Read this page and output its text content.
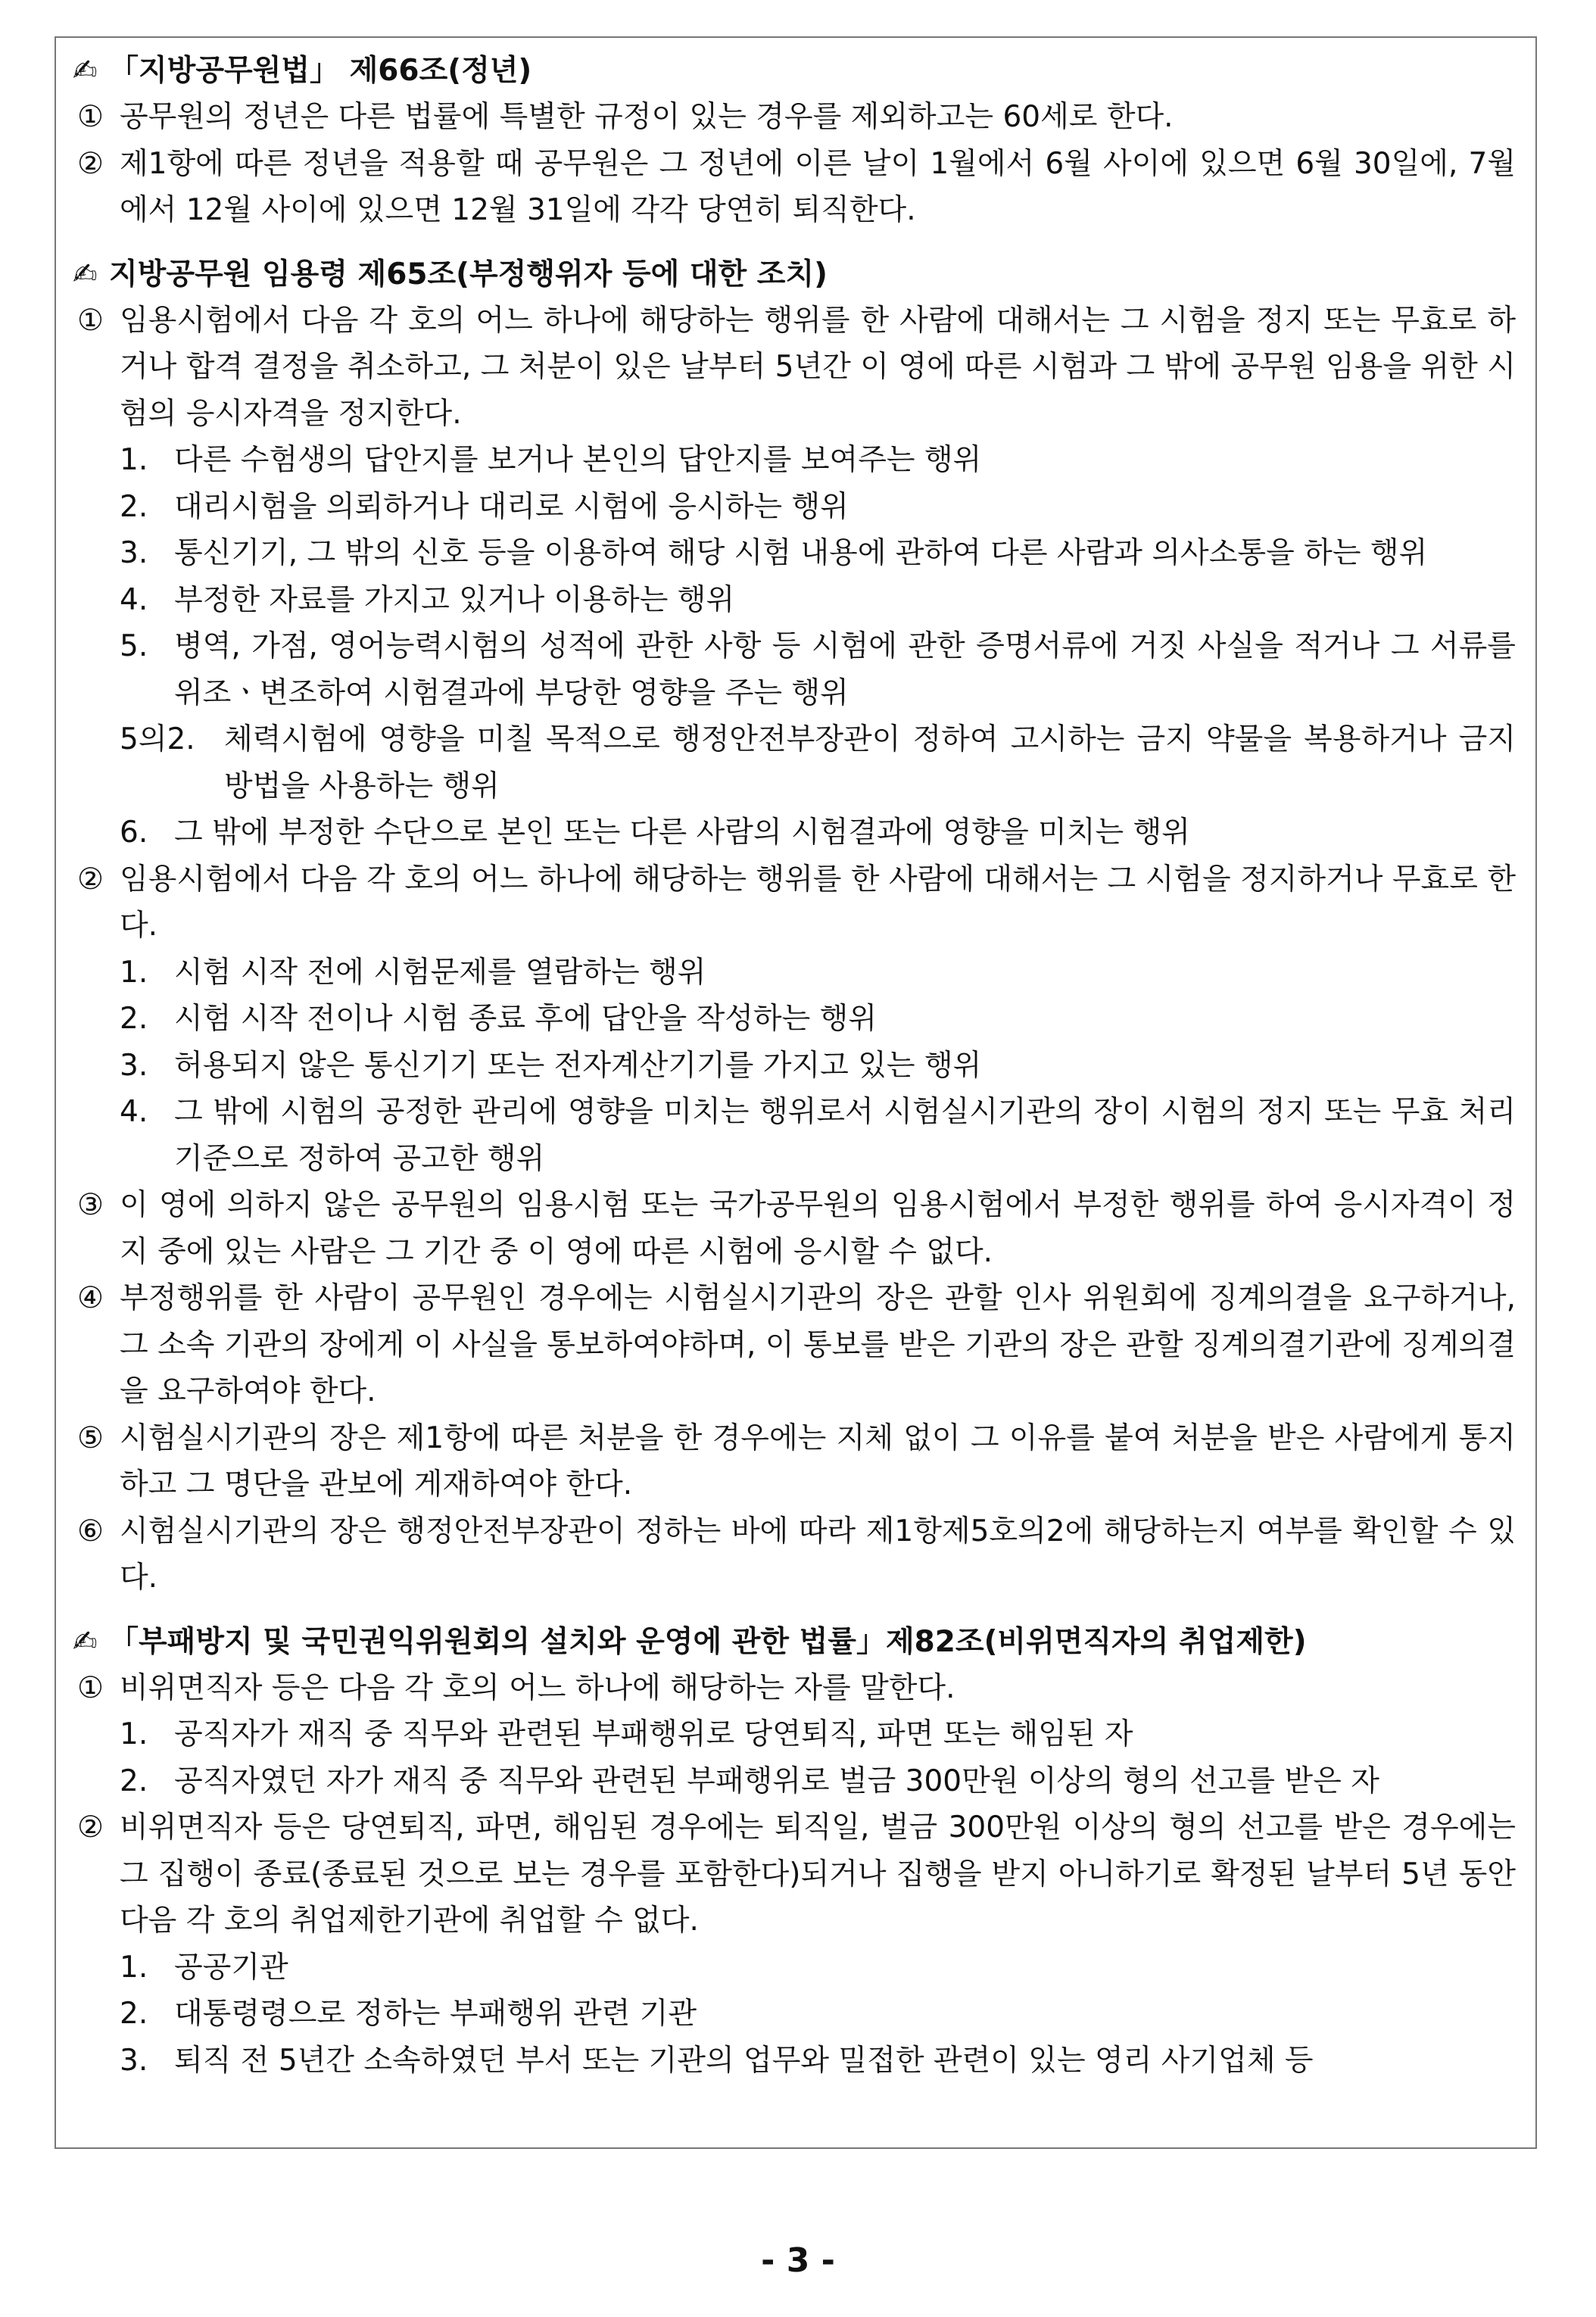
✍ 「지방공무원법」 제66조(정년)
① 공무원의 정년은 다른 법률에 특별한 규정이 있는 경우를 제외하고는 60세로 한다.
② 제1항에 따른 정년을 적용할 때 공무원은 그 정년에 이른 날이 1월에서 6월 사이에 있으면 6월 30일에, 7월에서 12월 사이에 있으면 12월 31일에 각각 당연히 퇴직한다.
✍ 지방공무원 임용령 제65조(부정행위자 등에 대한 조치)
① 임용시험에서 다음 각 호의 어느 하나에 해당하는 행위를 한 사람에 대해서는 그 시험을 정지 또는 무효로 하거나 합격 결정을 취소하고, 그 처분이 있은 날부터 5년간 이 영에 따른 시험과 그 밖에 공무원 임용을 위한 시험의 응시자격을 정지한다.
1. 다른 수험생의 답안지를 보거나 본인의 답안지를 보여주는 행위
2. 대리시험을 의뢰하거나 대리로 시험에 응시하는 행위
3. 통신기기, 그 밖의 신호 등을 이용하여 해당 시험 내용에 관하여 다른 사람과 의사소통을 하는 행위
4. 부정한 자료를 가지고 있거나 이용하는 행위
5. 병역, 가점, 영어능력시험의 성적에 관한 사항 등 시험에 관한 증명서류에 거짓 사실을 적거나 그 서류를 위조ㆍ변조하여 시험결과에 부당한 영향을 주는 행위
5의2. 체력시험에 영향을 미칠 목적으로 행정안전부장관이 정하여 고시하는 금지 약물을 복용하거나 금지방법을 사용하는 행위
6. 그 밖에 부정한 수단으로 본인 또는 다른 사람의 시험결과에 영향을 미치는 행위
② 임용시험에서 다음 각 호의 어느 하나에 해당하는 행위를 한 사람에 대해서는 그 시험을 정지하거나 무효로 한다.
1. 시험 시작 전에 시험문제를 열람하는 행위
2. 시험 시작 전이나 시험 종료 후에 답안을 작성하는 행위
3. 허용되지 않은 통신기기 또는 전자계산기기를 가지고 있는 행위
4. 그 밖에 시험의 공정한 관리에 영향을 미치는 행위로서 시험실시기관의 장이 시험의 정지 또는 무효 처리기준으로 정하여 공고한 행위
③ 이 영에 의하지 않은 공무원의 임용시험 또는 국가공무원의 임용시험에서 부정한 행위를 하여 응시자격이 정지 중에 있는 사람은 그 기간 중 이 영에 따른 시험에 응시할 수 없다.
④ 부정행위를 한 사람이 공무원인 경우에는 시험실시기관의 장은 관할 인사 위원회에 징계의결을 요구하거나, 그 소속 기관의 장에게 이 사실을 통보하여야하며, 이 통보를 받은 기관의 장은 관할 징계의결기관에 징계의결을 요구하여야 한다.
⑤ 시험실시기관의 장은 제1항에 따른 처분을 한 경우에는 지체 없이 그 이유를 붙여 처분을 받은 사람에게 통지하고 그 명단을 관보에 게재하여야 한다.
⑥ 시험실시기관의 장은 행정안전부장관이 정하는 바에 따라 제1항제5호의2에 해당하는지 여부를 확인할 수 있다.
✍ 「부패방지 및 국민권익위원회의 설치와 운영에 관한 법률」제82조(비위면직자의 취업제한)
① 비위면직자 등은 다음 각 호의 어느 하나에 해당하는 자를 말한다.
1. 공직자가 재직 중 직무와 관련된 부패행위로 당연퇴직, 파면 또는 해임된 자
2. 공직자였던 자가 재직 중 직무와 관련된 부패행위로 벌금 300만원 이상의 형의 선고를 받은 자
② 비위면직자 등은 당연퇴직, 파면, 해임된 경우에는 퇴직일, 벌금 300만원 이상의 형의 선고를 받은 경우에는 그 집행이 종료(종료된 것으로 보는 경우를 포함한다)되거나 집행을 받지 아니하기로 확정된 날부터 5년 동안 다음 각 호의 취업제한기관에 취업할 수 없다.
1. 공공기관
2. 대통령령으로 정하는 부패행위 관련 기관
3. 퇴직 전 5년간 소속하였던 부서 또는 기관의 업무와 밀접한 관련이 있는 영리 사기업체 등
- 3 -
